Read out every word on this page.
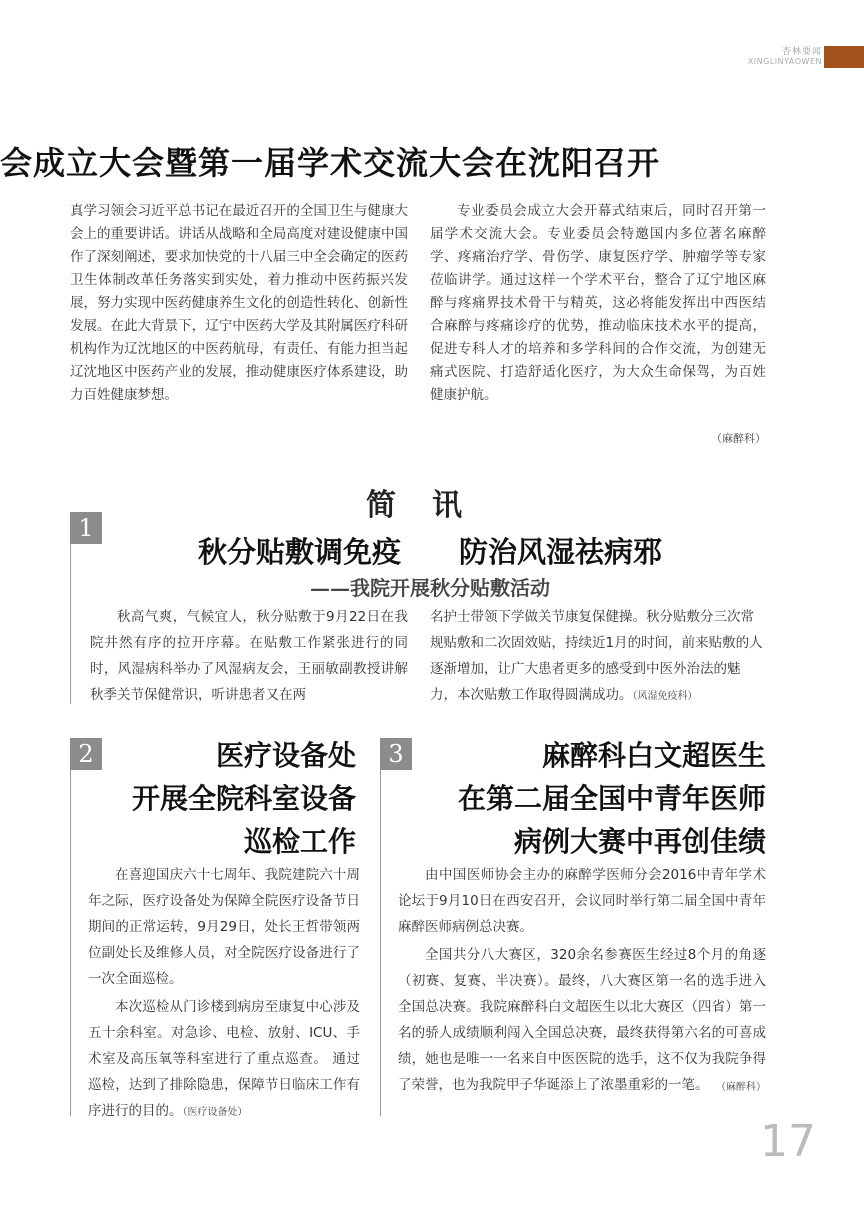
杏林要闻
XINGLINYAOWEN
会成立大会暨第一届学术交流大会在沈阳召开

真学习领会习近平总书记在最近召开的全国卫生与健康大会上的重要讲话。讲话从战略和全局高度对建设健康中国作了深刻阐述，要求加快党的十八届三中全会确定的医药卫生体制改革任务落实到实处，着力推动中医药振兴发展，努力实现中医药健康养生文化的创造性转化、创新性发展。在此大背景下，辽宁中医药大学及其附属医疗科研机构作为辽沈地区的中医药航母，有责任、有能力担当起辽沈地区中医药产业的发展，推动健康医疗体系建设，助力百姓健康梦想。

专业委员会成立大会开幕式结束后，同时召开第一届学术交流大会。专业委员会特邀国内多位著名麻醉学、疼痛治疗学、骨伤学、康复医疗学、肿瘤学等专家莅临讲学。通过这样一个学术平台，整合了辽宁地区麻醉与疼痛界技术骨干与精英，这必将能发挥出中西医结合麻醉与疼痛诊疗的优势，推动临床技术水平的提高，促进专科人才的培养和多学科间的合作交流，为创建无痛式医院、打造舒适化医疗，为大众生命保驾，为百姓健康护航。

（麻醉科）
简讯
1
秋分贴敷调免疫　　防治风湿祛病邪
——我院开展秋分贴敷活动

秋高气爽，气候宜人，秋分贴敷于9月22日在我院井然有序的拉开序幕。在贴敷工作紧张进行的同时，风湿病科举办了风湿病友会，王丽敏副教授讲解秋季关节保健常识，听讲患者又在两

名护士带领下学做关节康复保健操。秋分贴敷分三次常规贴敷和二次固效贴，持续近1月的时间，前来贴敷的人逐渐增加，让广大患者更多的感受到中医外治法的魅力，本次贴敷工作取得圆满成功。（风湿免疫科）
2	医疗设备处
开展全院科室设备
巡检工作

在喜迎国庆六十七周年、我院建院六十周年之际，医疗设备处为保障全院医疗设备节日期间的正常运转，9月29日，处长王哲带领两位副处长及维修人员，对全院医疗设备进行了一次全面巡检。

本次巡检从门诊楼到病房至康复中心涉及五十余科室。对急诊、电检、放射、ICU、手术室及高压氧等科室进行了重点巡查。 通过巡检，达到了排除隐患，保障节日临床工作有序进行的目的。（医疗设备处）

3	麻醉科白文超医生
在第二届全国中青年医师
病例大赛中再创佳绩

由中国医师协会主办的麻醉学医师分会2016中青年学术论坛于9月10日在西安召开，会议同时举行第二届全国中青年麻醉医师病例总决赛。

全国共分八大赛区，320余名参赛医生经过8个月的角逐（初赛、复赛、半决赛）。最终，八大赛区第一名的选手进入全国总决赛。我院麻醉科白文超医生以北大赛区（四省）第一名的骄人成绩顺利闯入全国总决赛，最终获得第六名的可喜成绩，她也是唯一一名来自中医医院的选手，这不仅为我院争得了荣誉，也为我院甲子华诞添上了浓墨重彩的一笔。 （麻醉科）
17
